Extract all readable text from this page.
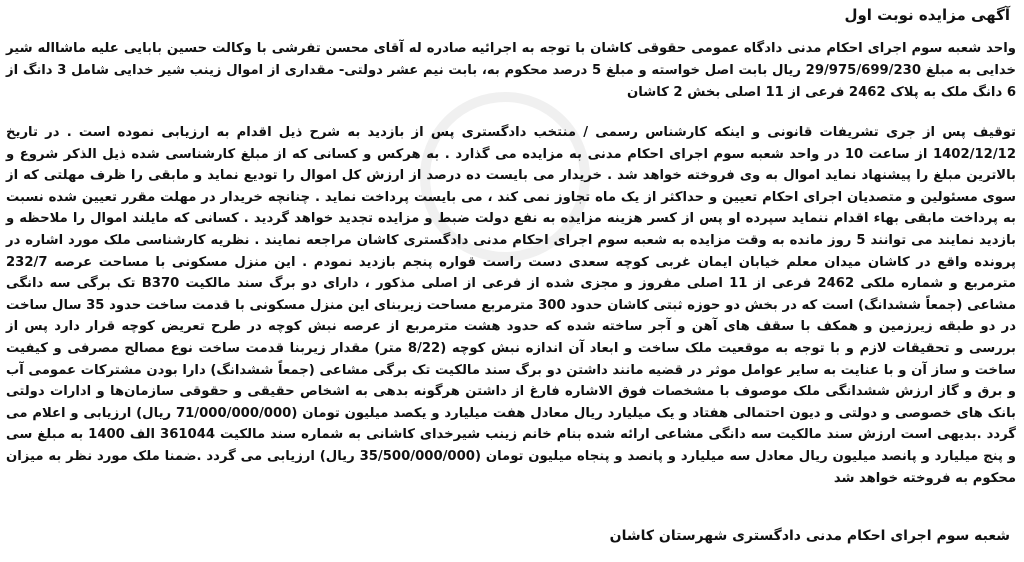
آگهی مزایده نوبت اول

واحد شعبه سوم اجرای احکام مدنی دادگاه عمومی حقوقی کاشان با توجه به اجرائیه صادره له آقای محسن تفرشی با وکالت حسین بابایی علیه ماشااله شیر خدایی به مبلغ 29/975/699/230 ریال بابت اصل خواسته و مبلغ 5 درصد محکوم به، بابت نیم عشر دولتی- مقداری از اموال زینب شیر خدایی شامل 3 دانگ از 6 دانگ ملک به پلاک 2462 فرعی از 11 اصلی بخش 2 کاشان

توقیف پس از جری تشریفات قانونی و اینکه کارشناس رسمی / منتخب دادگستری پس از بازدید به شرح ذیل اقدام به ارزیابی نموده است . در تاریخ 1402/12/12 از ساعت 10 در واحد شعبه سوم اجرای احکام مدنی به مزایده می گذارد . به هرکس و کسانی که از مبلغ کارشناسی شده ذیل الذکر شروع و بالاترین مبلغ را پیشنهاد نماید اموال به وی فروخته خواهد شد . خریدار می بایست ده درصد از ارزش کل اموال را تودیع نماید و مابقی را ظرف مهلتی که از سوی مسئولین و متصدیان اجرای احکام تعیین و حداکثر از یک ماه تجاوز نمی کند ، می بایست پرداخت نماید . چنانچه خریدار در مهلت مقرر تعیین شده نسبت به پرداخت مابقی بهاء اقدام ننماید سپرده او پس از کسر هزینه مزایده به نفع دولت ضبط و مزایده تجدید خواهد گردید . کسانی که مایلند اموال را ملاحظه و بازدید نمایند می توانند 5 روز مانده به وقت مزایده به شعبه سوم اجرای احکام مدنی دادگستری کاشان مراجعه نمایند . نظریه کارشناسی ملک مورد اشاره در پرونده واقع در کاشان میدان معلم خیابان ایمان غربی کوچه سعدی دست راست قواره پنجم بازدید نمودم . این منزل مسکونی با مساحت عرصه 232/7 مترمربع و شماره ملکی 2462 فرعی از 11 اصلی مفروز و مجزی شده از فرعی از اصلی مذکور ، دارای دو برگ سند مالکیت B370 تک برگی سه دانگی مشاعی (جمعاً ششدانگ) است که در بخش دو حوزه ثبتی کاشان حدود 300 مترمربع مساحت زیربنای این منزل مسکونی با قدمت ساخت حدود 35 سال ساخت در دو طبقه زیرزمین و همکف با سقف های آهن و آجر ساخته شده که حدود هشت مترمربع از عرصه نبش کوچه در طرح تعریض کوچه قرار دارد پس از بررسی و تحقیقات لازم و با توجه به موقعیت ملک ساخت و ابعاد آن اندازه نبش کوچه (8/22 متر) مقدار زیربنا قدمت ساخت نوع مصالح مصرفی و کیفیت ساخت و ساز آن و با عنایت به سایر عوامل موثر در قضیه مانند داشتن دو برگ سند مالکیت تک برگی مشاعی (جمعاً ششدانگ) دارا بودن مشترکات عمومی آب و برق و گاز ارزش ششدانگی ملک موصوف با مشخصات فوق الاشاره فارغ از داشتن هرگونه بدهی به اشخاص حقیقی و حقوقی سازمان‌ها و ادارات دولتی بانک های خصوصی و دولتی و دیون احتمالی هفتاد و یک میلیارد ریال معادل هفت میلیارد و یکصد میلیون تومان (71/000/000/000 ریال) ارزیابی و اعلام می گردد .بدیهی است ارزش سند مالکیت سه دانگی مشاعی ارائه شده بنام خانم زینب شیرخدای کاشانی به شماره سند مالکیت 361044 الف 1400 به مبلغ سی و پنج میلیارد و پانصد میلیون ریال معادل سه میلیارد و پانصد و پنجاه میلیون تومان (35/500/000/000 ریال) ارزیابی می گردد .ضمنا ملک مورد نظر به میزان محکوم به فروخته خواهد شد

شعبه سوم اجرای احکام مدنی دادگستری شهرستان کاشان
